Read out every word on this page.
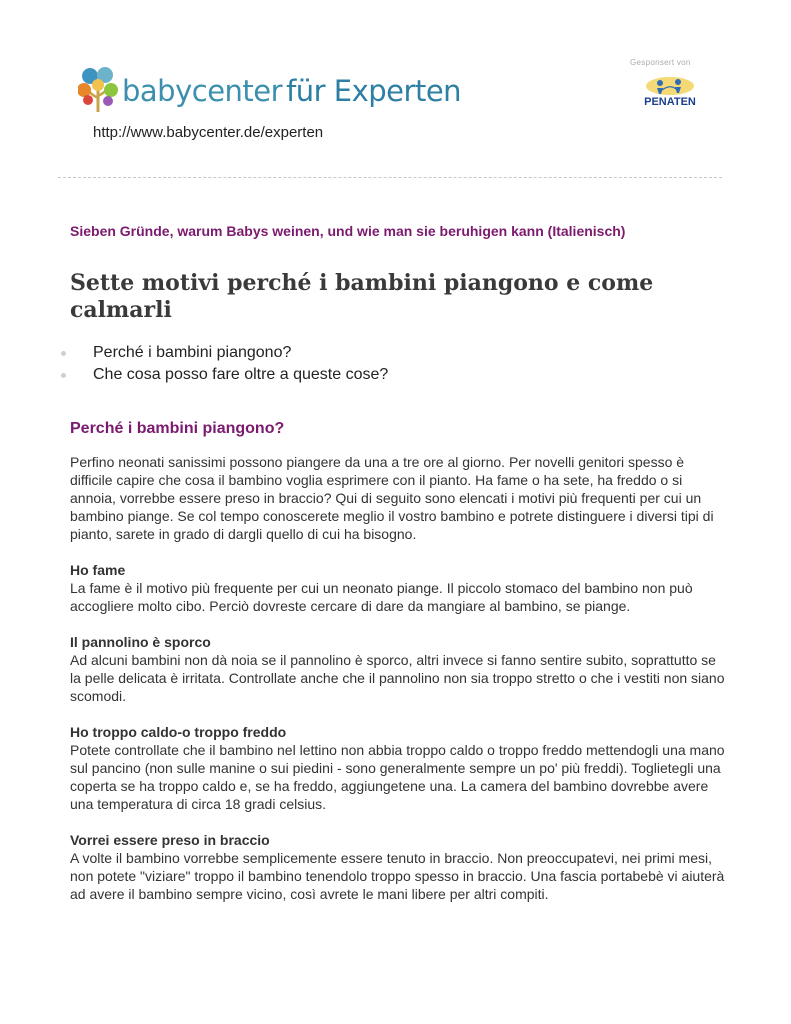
babycenter für Experten
http://www.babycenter.de/experten
Gesponsert von
PENATEN
Sieben Gründe, warum Babys weinen, und wie man sie beruhigen kann (Italienisch)
Sette motivi perché i bambini piangono e come calmarli
Perché i bambini piangono?
Che cosa posso fare oltre a queste cose?
Perché i bambini piangono?

Perfino neonati sanissimi possono piangere da una a tre ore al giorno. Per novelli genitori spesso è difficile capire che cosa il bambino voglia esprimere con il pianto. Ha fame o ha sete, ha freddo o si annoia, vorrebbe essere preso in braccio? Qui di seguito sono elencati i motivi più frequenti per cui un bambino piange. Se col tempo conoscerete meglio il vostro bambino e potrete distinguere i diversi tipi di pianto, sarete in grado di dargli quello di cui ha bisogno.

Ho fame

La fame è il motivo più frequente per cui un neonato piange. Il piccolo stomaco del bambino non può accogliere molto cibo. Perciò dovreste cercare di dare da mangiare al bambino, se piange.

Il pannolino è sporco

Ad alcuni bambini non dà noia se il pannolino è sporco, altri invece si fanno sentire subito, soprattutto se la pelle delicata è irritata. Controllate anche che il pannolino non sia troppo stretto o che i vestiti non siano scomodi.

Ho troppo caldo-o troppo freddo

Potete controllate che il bambino nel lettino non abbia troppo caldo o troppo freddo mettendogli una mano sul pancino (non sulle manine o sui piedini - sono generalmente sempre un po' più freddi). Toglietegli una coperta se ha troppo caldo e, se ha freddo, aggiungetene una. La camera del bambino dovrebbe avere una temperatura di circa 18 gradi celsius.

Vorrei essere preso in braccio

A volte il bambino vorrebbe semplicemente essere tenuto in braccio. Non preoccupatevi, nei primi mesi, non potete "viziare" troppo il bambino tenendolo troppo spesso in braccio. Una fascia portabebè vi aiuterà ad avere il bambino sempre vicino, così avrete le mani libere per altri compiti.
